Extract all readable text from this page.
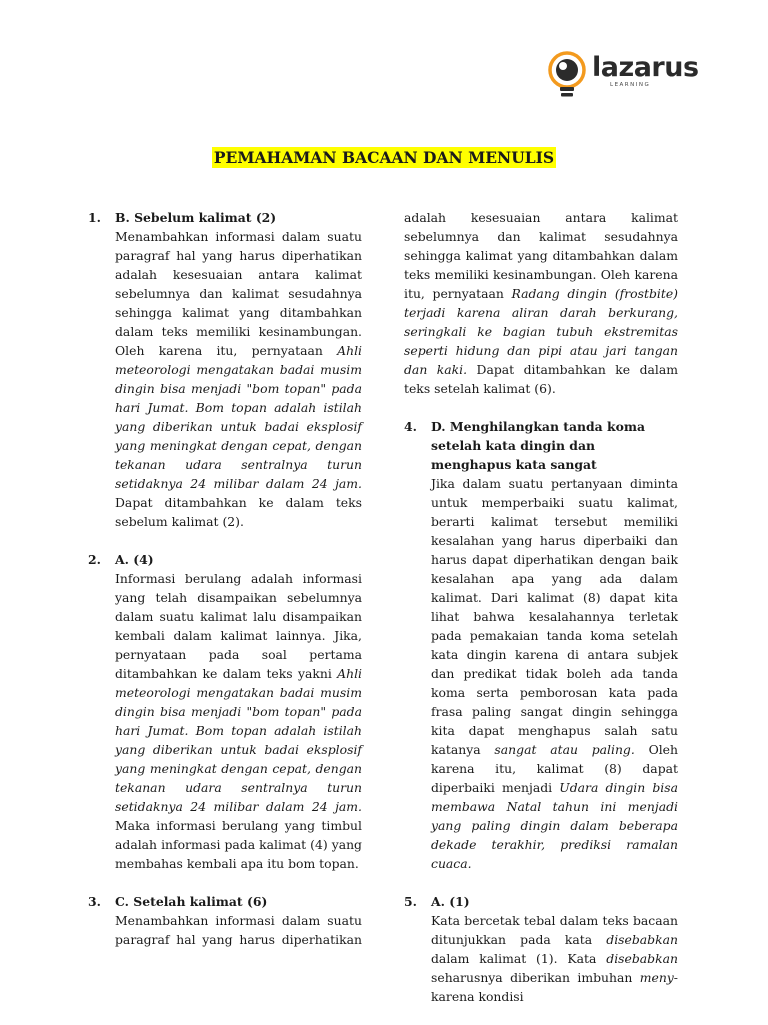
lazarus
LEARNING
PEMAHAMAN BACAAN DAN MENULIS
1. B. Sebelum kalimat (2)
Menambahkan informasi dalam suatu paragraf hal yang harus diperhatikan adalah kesesuaian antara kalimat sebelumnya dan kalimat sesudahnya sehingga kalimat yang ditambahkan dalam teks memiliki kesinambungan. Oleh karena itu, pernyataan Ahli meteorologi mengatakan badai musim dingin bisa menjadi "bom topan" pada hari Jumat. Bom topan adalah istilah yang diberikan untuk badai eksplosif yang meningkat dengan cepat, dengan tekanan udara sentralnya turun setidaknya 24 milibar dalam 24 jam. Dapat ditambahkan ke dalam teks sebelum kalimat (2).
2. A. (4)
Informasi berulang adalah informasi yang telah disampaikan sebelumnya dalam suatu kalimat lalu disampaikan kembali dalam kalimat lainnya. Jika, pernyataan pada soal pertama ditambahkan ke dalam teks yakni Ahli meteorologi mengatakan badai musim dingin bisa menjadi "bom topan" pada hari Jumat. Bom topan adalah istilah yang diberikan untuk badai eksplosif yang meningkat dengan cepat, dengan tekanan udara sentralnya turun setidaknya 24 milibar dalam 24 jam. Maka informasi berulang yang timbul adalah informasi pada kalimat (4) yang membahas kembali apa itu bom topan.
3. C. Setelah kalimat (6)
Menambahkan informasi dalam suatu paragraf hal yang harus diperhatikan
adalah kesesuaian antara kalimat sebelumnya dan kalimat sesudahnya sehingga kalimat yang ditambahkan dalam teks memiliki kesinambungan. Oleh karena itu, pernyataan Radang dingin (frostbite) terjadi karena aliran darah berkurang, seringkali ke bagian tubuh ekstremitas seperti hidung dan pipi atau jari tangan dan kaki. Dapat ditambahkan ke dalam teks setelah kalimat (6).
4. D. Menghilangkan tanda koma setelah kata dingin dan menghapus kata sangat
Jika dalam suatu pertanyaan diminta untuk memperbaiki suatu kalimat, berarti kalimat tersebut memiliki kesalahan yang harus diperbaiki dan harus dapat diperhatikan dengan baik kesalahan apa yang ada dalam kalimat. Dari kalimat (8) dapat kita lihat bahwa kesalahannya terletak pada pemakaian tanda koma setelah kata dingin karena di antara subjek dan predikat tidak boleh ada tanda koma serta pemborosan kata pada frasa paling sangat dingin sehingga kita dapat menghapus salah satu katanya sangat atau paling. Oleh karena itu, kalimat (8) dapat diperbaiki menjadi Udara dingin bisa membawa Natal tahun ini menjadi yang paling dingin dalam beberapa dekade terakhir, prediksi ramalan cuaca.
5. A. (1)
Kata bercetak tebal dalam teks bacaan ditunjukkan pada kata disebabkan dalam kalimat (1). Kata disebabkan seharusnya diberikan imbuhan meny- karena kondisi
